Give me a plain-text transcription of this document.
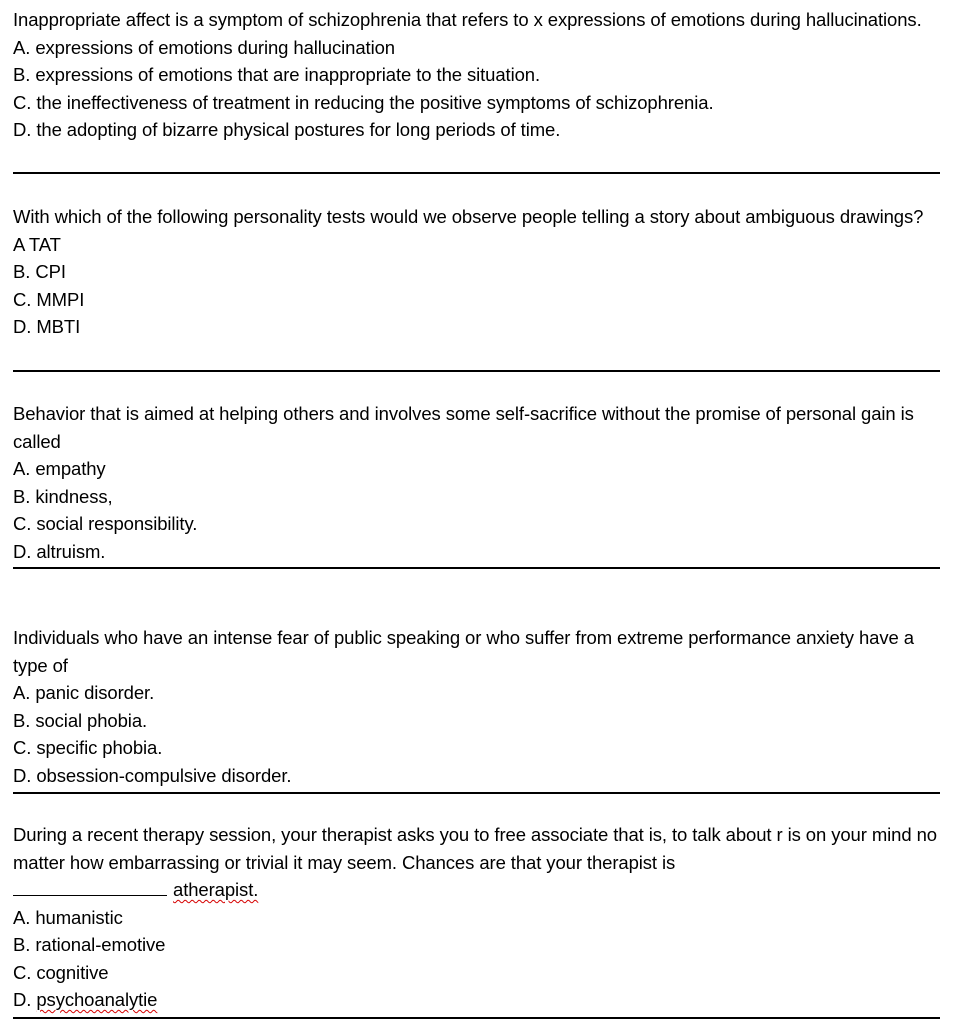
Inappropriate affect is a symptom of schizophrenia that refers to x expressions of emotions during hallucinations.

A. expressions of emotions during hallucination

B. expressions of emotions that are inappropriate to the situation.

C. the ineffectiveness of treatment in reducing the positive symptoms of schizophrenia.

D. the adopting of bizarre physical postures for long periods of time.

With which of the following personality tests would we observe people telling a story about ambiguous drawings?

A TAT

B. CPI

C. MMPI

D. MBTI

Behavior that is aimed at helping others and involves some self-sacrifice without the promise of personal gain is called

A. empathy

B. kindness,

C. social responsibility.

D. altruism.

Individuals who have an intense fear of public speaking or who suffer from extreme performance anxiety have a type of

A. panic disorder.

B. social phobia.

C. specific phobia.

D. obsession-compulsive disorder.

During a recent therapy session, your therapist asks you to free associate that is, to talk about r is on your mind no matter how embarrassing or trivial it may seem. Chances are that your therapist is

atherapist.

A. humanistic

B. rational-emotive

C. cognitive

D. psychoanalytie
